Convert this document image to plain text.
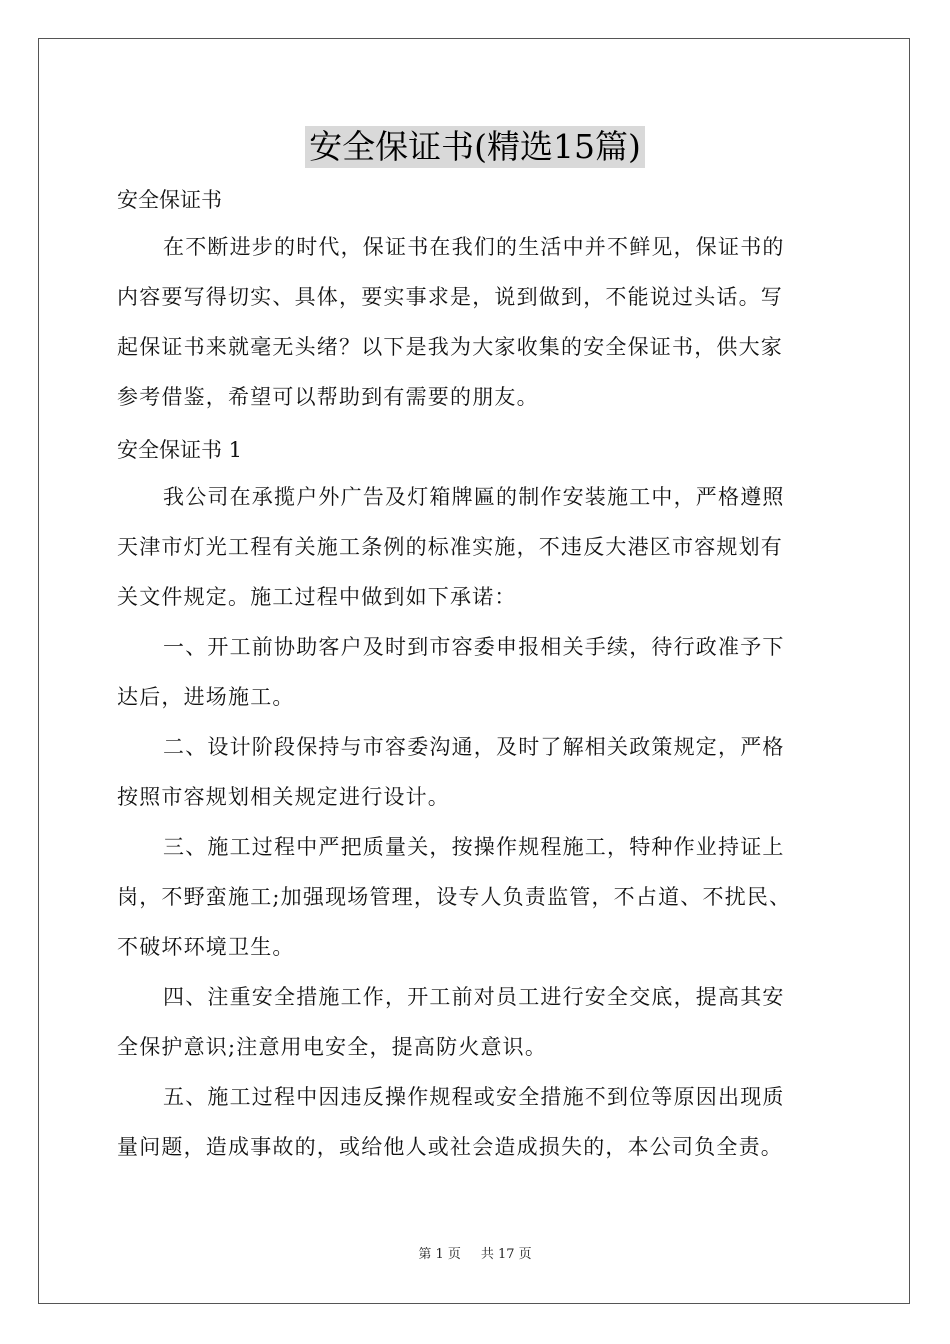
安全保证书(精选15篇)
安全保证书
在不断进步的时代，保证书在我们的生活中并不鲜见，保证书的
内容要写得切实、具体，要实事求是，说到做到，不能说过头话。写
起保证书来就毫无头绪？以下是我为大家收集的安全保证书，供大家
参考借鉴，希望可以帮助到有需要的朋友。
安全保证书 1
我公司在承揽户外广告及灯箱牌匾的制作安装施工中，严格遵照
天津市灯光工程有关施工条例的标准实施，不违反大港区市容规划有
关文件规定。施工过程中做到如下承诺：
一、开工前协助客户及时到市容委申报相关手续，待行政准予下
达后，进场施工。
二、设计阶段保持与市容委沟通，及时了解相关政策规定，严格
按照市容规划相关规定进行设计。
三、施工过程中严把质量关，按操作规程施工，特种作业持证上
岗，不野蛮施工;加强现场管理，设专人负责监管，不占道、不扰民、
不破坏环境卫生。
四、注重安全措施工作，开工前对员工进行安全交底，提高其安
全保护意识;注意用电安全，提高防火意识。
五、施工过程中因违反操作规程或安全措施不到位等原因出现质
量问题，造成事故的，或给他人或社会造成损失的，本公司负全责。
第 1 页 共 17 页
